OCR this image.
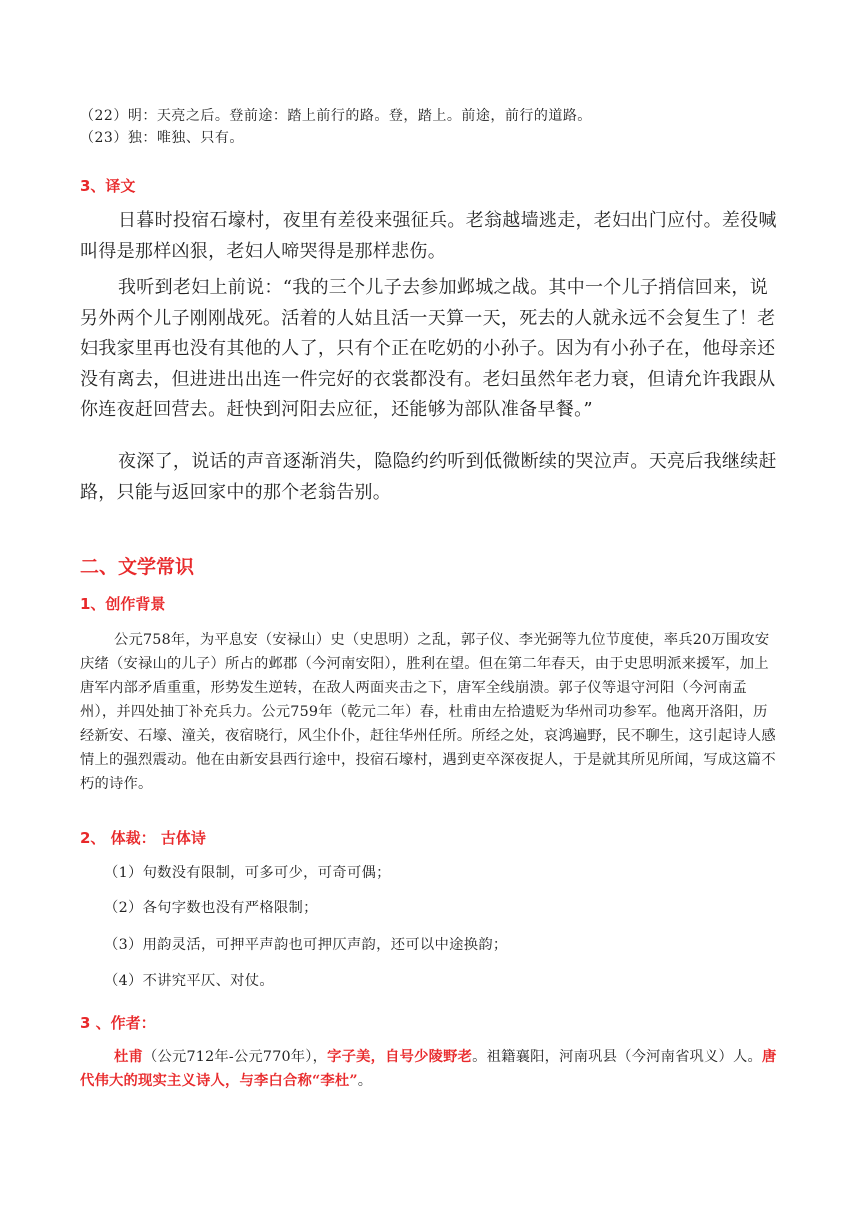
（22）明：天亮之后。登前途：踏上前行的路。登，踏上。前途，前行的道路。
（23）独：唯独、只有。
3、译文
日暮时投宿石壕村，夜里有差役来强征兵。老翁越墙逃走，老妇出门应付。差役喊叫得是那样凶狠，老妇人啼哭得是那样悲伤。
我听到老妇上前说：“我的三个儿子去参加邺城之战。其中一个儿子捎信回来，说另外两个儿子刚刚战死。活着的人姑且活一天算一天，死去的人就永远不会复生了！老妇我家里再也没有其他的人了，只有个正在吃奶的小孙子。因为有小孙子在，他母亲还没有离去，但进进出出连一件完好的衣裳都没有。老妇虽然年老力衰，但请允许我跟从你连夜赶回营去。赶快到河阳去应征，还能够为部队准备早餐。”
夜深了，说话的声音逐渐消失，隐隐约约听到低微断续的哭泣声。天亮后我继续赶路，只能与返回家中的那个老翁告别。
二、文学常识
1、创作背景
公元758年，为平息安（安禄山）史（史思明）之乱，郭子仪、李光弼等九位节度使，率兵20万围攻安庆绪（安禄山的儿子）所占的邺郡（今河南安阳），胜利在望。但在第二年春天，由于史思明派来援军，加上唐军内部矛盾重重，形势发生逆转，在敌人两面夹击之下，唐军全线崩溃。郭子仪等退守河阳（今河南孟州），并四处抽丁补充兵力。公元759年（乾元二年）春，杜甫由左拾遗贬为华州司功参军。他离开洛阳，历经新安、石壕、潼关，夜宿晓行，风尘仆仆，赶往华州任所。所经之处，哀鸿遍野，民不聊生，这引起诗人感情上的强烈震动。他在由新安县西行途中，投宿石壕村，遇到吏卒深夜捉人，于是就其所见所闻，写成这篇不朽的诗作。
2、 体裁： 古体诗
（1）句数没有限制，可多可少，可奇可偶；
（2）各句字数也没有严格限制；
（3）用韵灵活，可押平声韵也可押仄声韵，还可以中途换韵；
（4）不讲究平仄、对仗。
3 、作者：
杜甫（公元712年-公元770年），字子美，自号少陵野老。祖籍襄阳，河南巩县（今河南省巩义）人。唐代伟大的现实主义诗人，与李白合称“李杜”。
